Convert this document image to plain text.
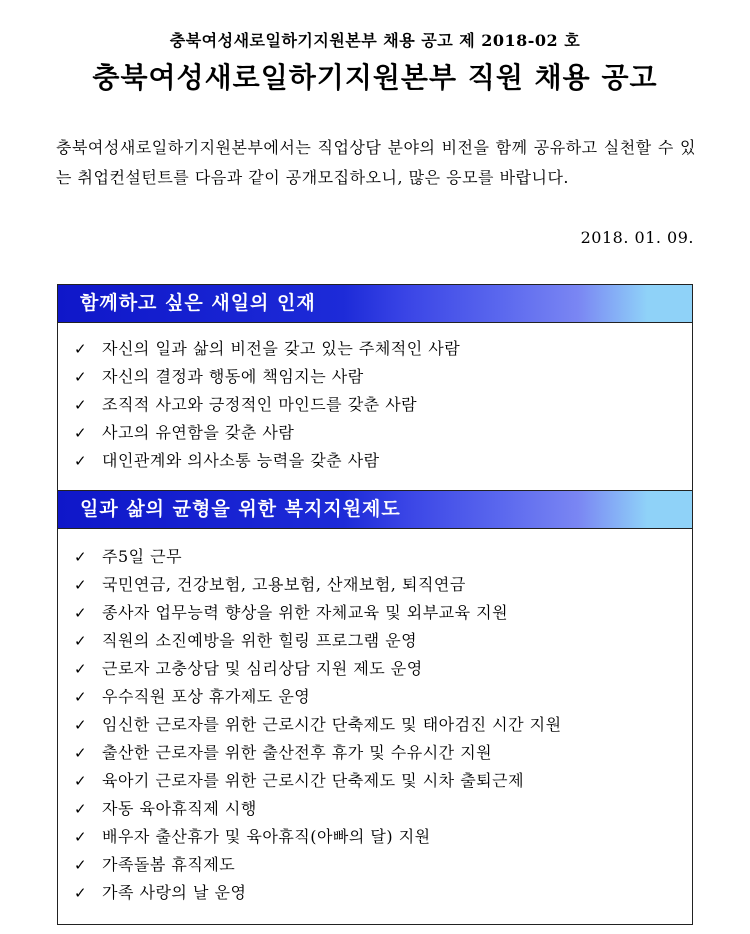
충북여성새로일하기지원본부 채용 공고 제 2018-02 호
충북여성새로일하기지원본부 직원 채용 공고
충북여성새로일하기지원본부에서는 직업상담 분야의 비전을 함께 공유하고 실천할 수 있는 취업컨설턴트를 다음과 같이 공개모집하오니, 많은 응모를 바랍니다.
2018. 01. 09.
함께하고 싶은 새일의 인재
✓ 자신의 일과 삶의 비전을 갖고 있는 주체적인 사람
✓ 자신의 결정과 행동에 책임지는 사람
✓ 조직적 사고와 긍정적인 마인드를 갖춘 사람
✓ 사고의 유연함을 갖춘 사람
✓ 대인관계와 의사소통 능력을 갖춘 사람
일과 삶의 균형을 위한 복지지원제도
✓ 주5일 근무
✓ 국민연금, 건강보험, 고용보험, 산재보험, 퇴직연금
✓ 종사자 업무능력 향상을 위한 자체교육 및 외부교육 지원
✓ 직원의 소진예방을 위한 힐링 프로그램 운영
✓ 근로자 고충상담 및 심리상담 지원 제도 운영
✓ 우수직원 포상 휴가제도 운영
✓ 임신한 근로자를 위한 근로시간 단축제도 및 태아검진 시간 지원
✓ 출산한 근로자를 위한 출산전후 휴가 및 수유시간 지원
✓ 육아기 근로자를 위한 근로시간 단축제도 및 시차 출퇴근제
✓ 자동 육아휴직제 시행
✓ 배우자 출산휴가 및 육아휴직(아빠의 달) 지원
✓ 가족돌봄 휴직제도
✓ 가족 사랑의 날 운영
